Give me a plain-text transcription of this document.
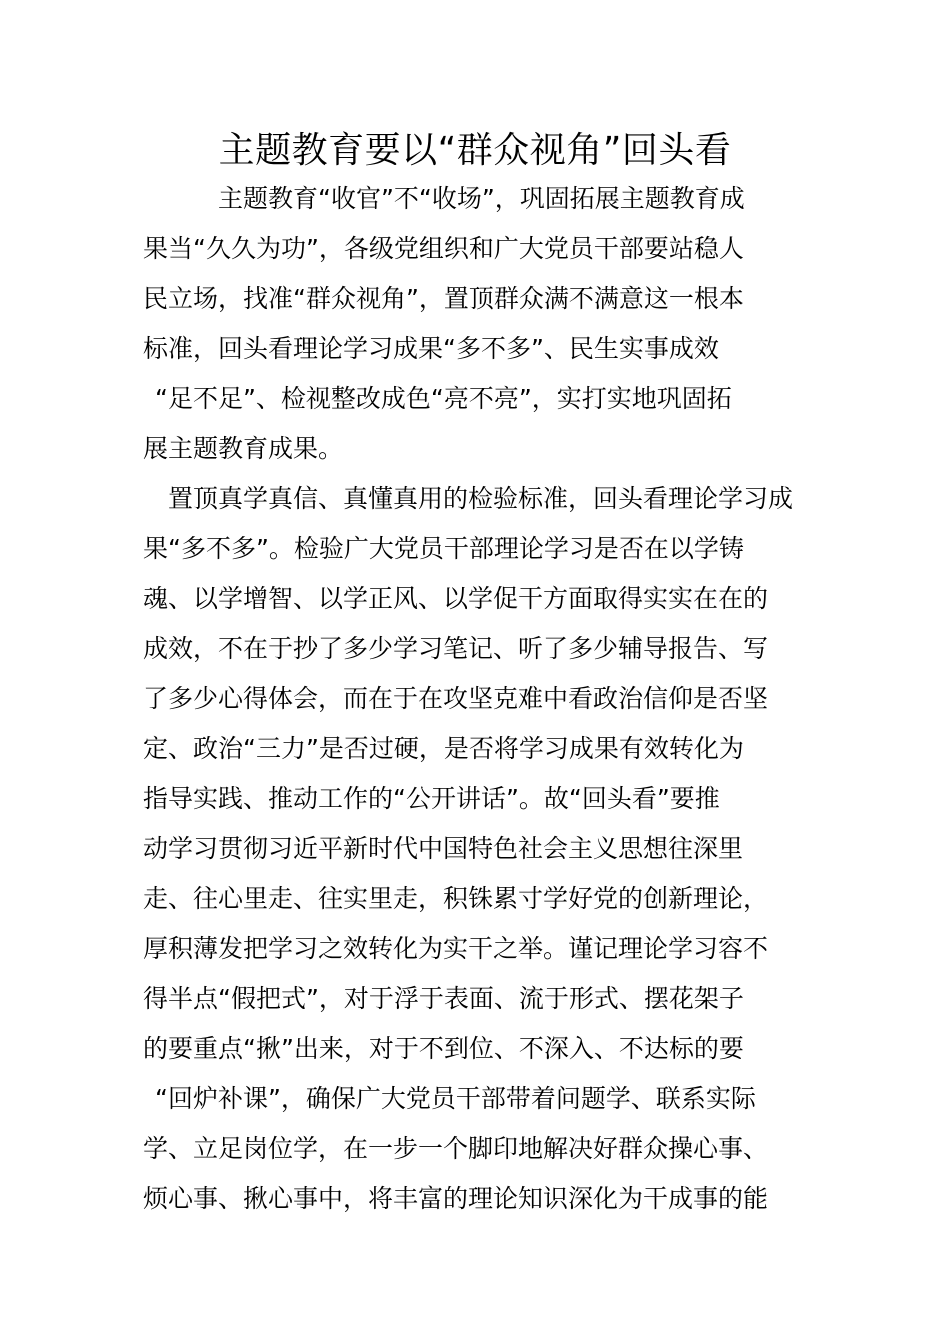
主题教育要以“群众视角”回头看
主题教育“收官”不“收场”，巩固拓展主题教育成
果当“久久为功”，各级党组织和广大党员干部要站稳人
民立场，找准“群众视角”，置顶群众满不满意这一根本
标准，回头看理论学习成果“多不多”、民生实事成效
“足不足”、检视整改成色“亮不亮”，实打实地巩固拓
展主题教育成果。
置顶真学真信、真懂真用的检验标准，回头看理论学习成
果“多不多”。检验广大党员干部理论学习是否在以学铸
魂、以学增智、以学正风、以学促干方面取得实实在在的
成效，不在于抄了多少学习笔记、听了多少辅导报告、写
了多少心得体会，而在于在攻坚克难中看政治信仰是否坚
定、政治“三力”是否过硬，是否将学习成果有效转化为
指导实践、推动工作的“公开讲话”。故“回头看”要推
动学习贯彻习近平新时代中国特色社会主义思想往深里
走、往心里走、往实里走，积铢累寸学好党的创新理论，
厚积薄发把学习之效转化为实干之举。谨记理论学习容不
得半点“假把式”，对于浮于表面、流于形式、摆花架子
的要重点“揪”出来，对于不到位、不深入、不达标的要
“回炉补课”，确保广大党员干部带着问题学、联系实际
学、立足岗位学，在一步一个脚印地解决好群众操心事、
烦心事、揪心事中，将丰富的理论知识深化为干成事的能
